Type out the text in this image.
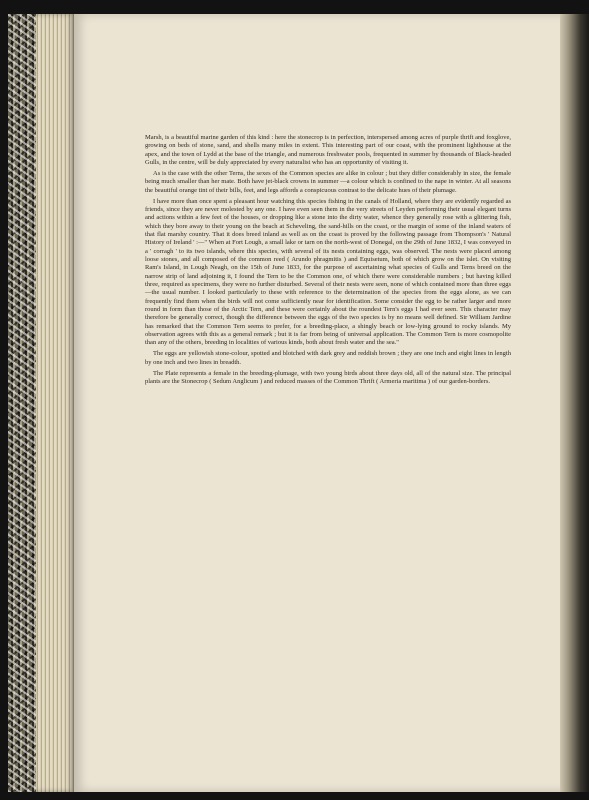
Marsh, is a beautiful marine garden of this kind : here the stonecrop is in perfection, interspersed among acres of purple thrift and foxglove, growing on beds of stone, sand, and shells many miles in extent. This interesting part of our coast, with the prominent lighthouse at the apex, and the town of Lydd at the base of the triangle, and numerous freshwater pools, frequented in summer by thousands of Black-headed Gulls, in the centre, will be duly appreciated by every naturalist who has an opportunity of visiting it.

As is the case with the other Terns, the sexes of the Common species are alike in colour ; but they differ considerably in size, the female being much smaller than her mate. Both have jet-black crowns in summer —a colour which is confined to the nape in winter. At all seasons the beautiful orange tint of their bills, feet, and legs affords a conspicuous contrast to the delicate hues of their plumage.

I have more than once spent a pleasant hour watching this species fishing in the canals of Holland, where they are evidently regarded as friends, since they are never molested by any one. I have even seen them in the very streets of Leyden performing their usual elegant turns and actions within a few feet of the houses, or dropping like a stone into the dirty water, whence they generally rose with a glittering fish, which they bore away to their young on the beach at Scheveling, the sand-hills on the coast, or the margin of some of the inland waters of that flat marshy country. That it does breed inland as well as on the coast is proved by the following passage from Thompson's ' Natural History of Ireland ' :—" When at Fort Lough, a small lake or tarn on the north-west of Donegal, on the 29th of June 1832, I was conveyed in a ' corragh ' to its two islands, where this species, with several of its nests containing eggs, was observed. The nests were placed among loose stones, and all composed of the common reed ( Arundo phragmitis ) and Equisetum, both of which grow on the islet. On visiting Ram's Island, in Lough Neagh, on the 15th of June 1833, for the purpose of ascertaining what species of Gulls and Terns breed on the narrow strip of land adjoining it, I found the Tern to be the Common one, of which there were considerable numbers ; but having killed three, required as specimens, they were no further disturbed. Several of their nests were seen, none of which contained more than three eggs—the usual number. I looked particularly to these with reference to the determination of the species from the eggs alone, as we can frequently find them when the birds will not come sufficiently near for identification. Some consider the egg to be rather larger and more round in form than those of the Arctic Tern, and these were certainly about the roundest Tern's eggs I had ever seen. This character may therefore be generally correct, though the difference between the eggs of the two species is by no means well defined. Sir William Jardine has remarked that the Common Tern seems to prefer, for a breeding-place, a shingly beach or low-lying ground to rocky islands. My observation agrees with this as a general remark ; but it is far from being of universal application. The Common Tern is more cosmopolite than any of the others, breeding in localities of various kinds, both about fresh water and the sea."

The eggs are yellowish stone-colour, spotted and blotched with dark grey and reddish brown ; they are one inch and eight lines in length by one inch and two lines in breadth.

The Plate represents a female in the breeding-plumage, with two young birds about three days old, all of the natural size. The principal plants are the Stonecrop ( Sedum Anglicum ) and reduced masses of the Common Thrift ( Armeria maritima ) of our garden-borders.
